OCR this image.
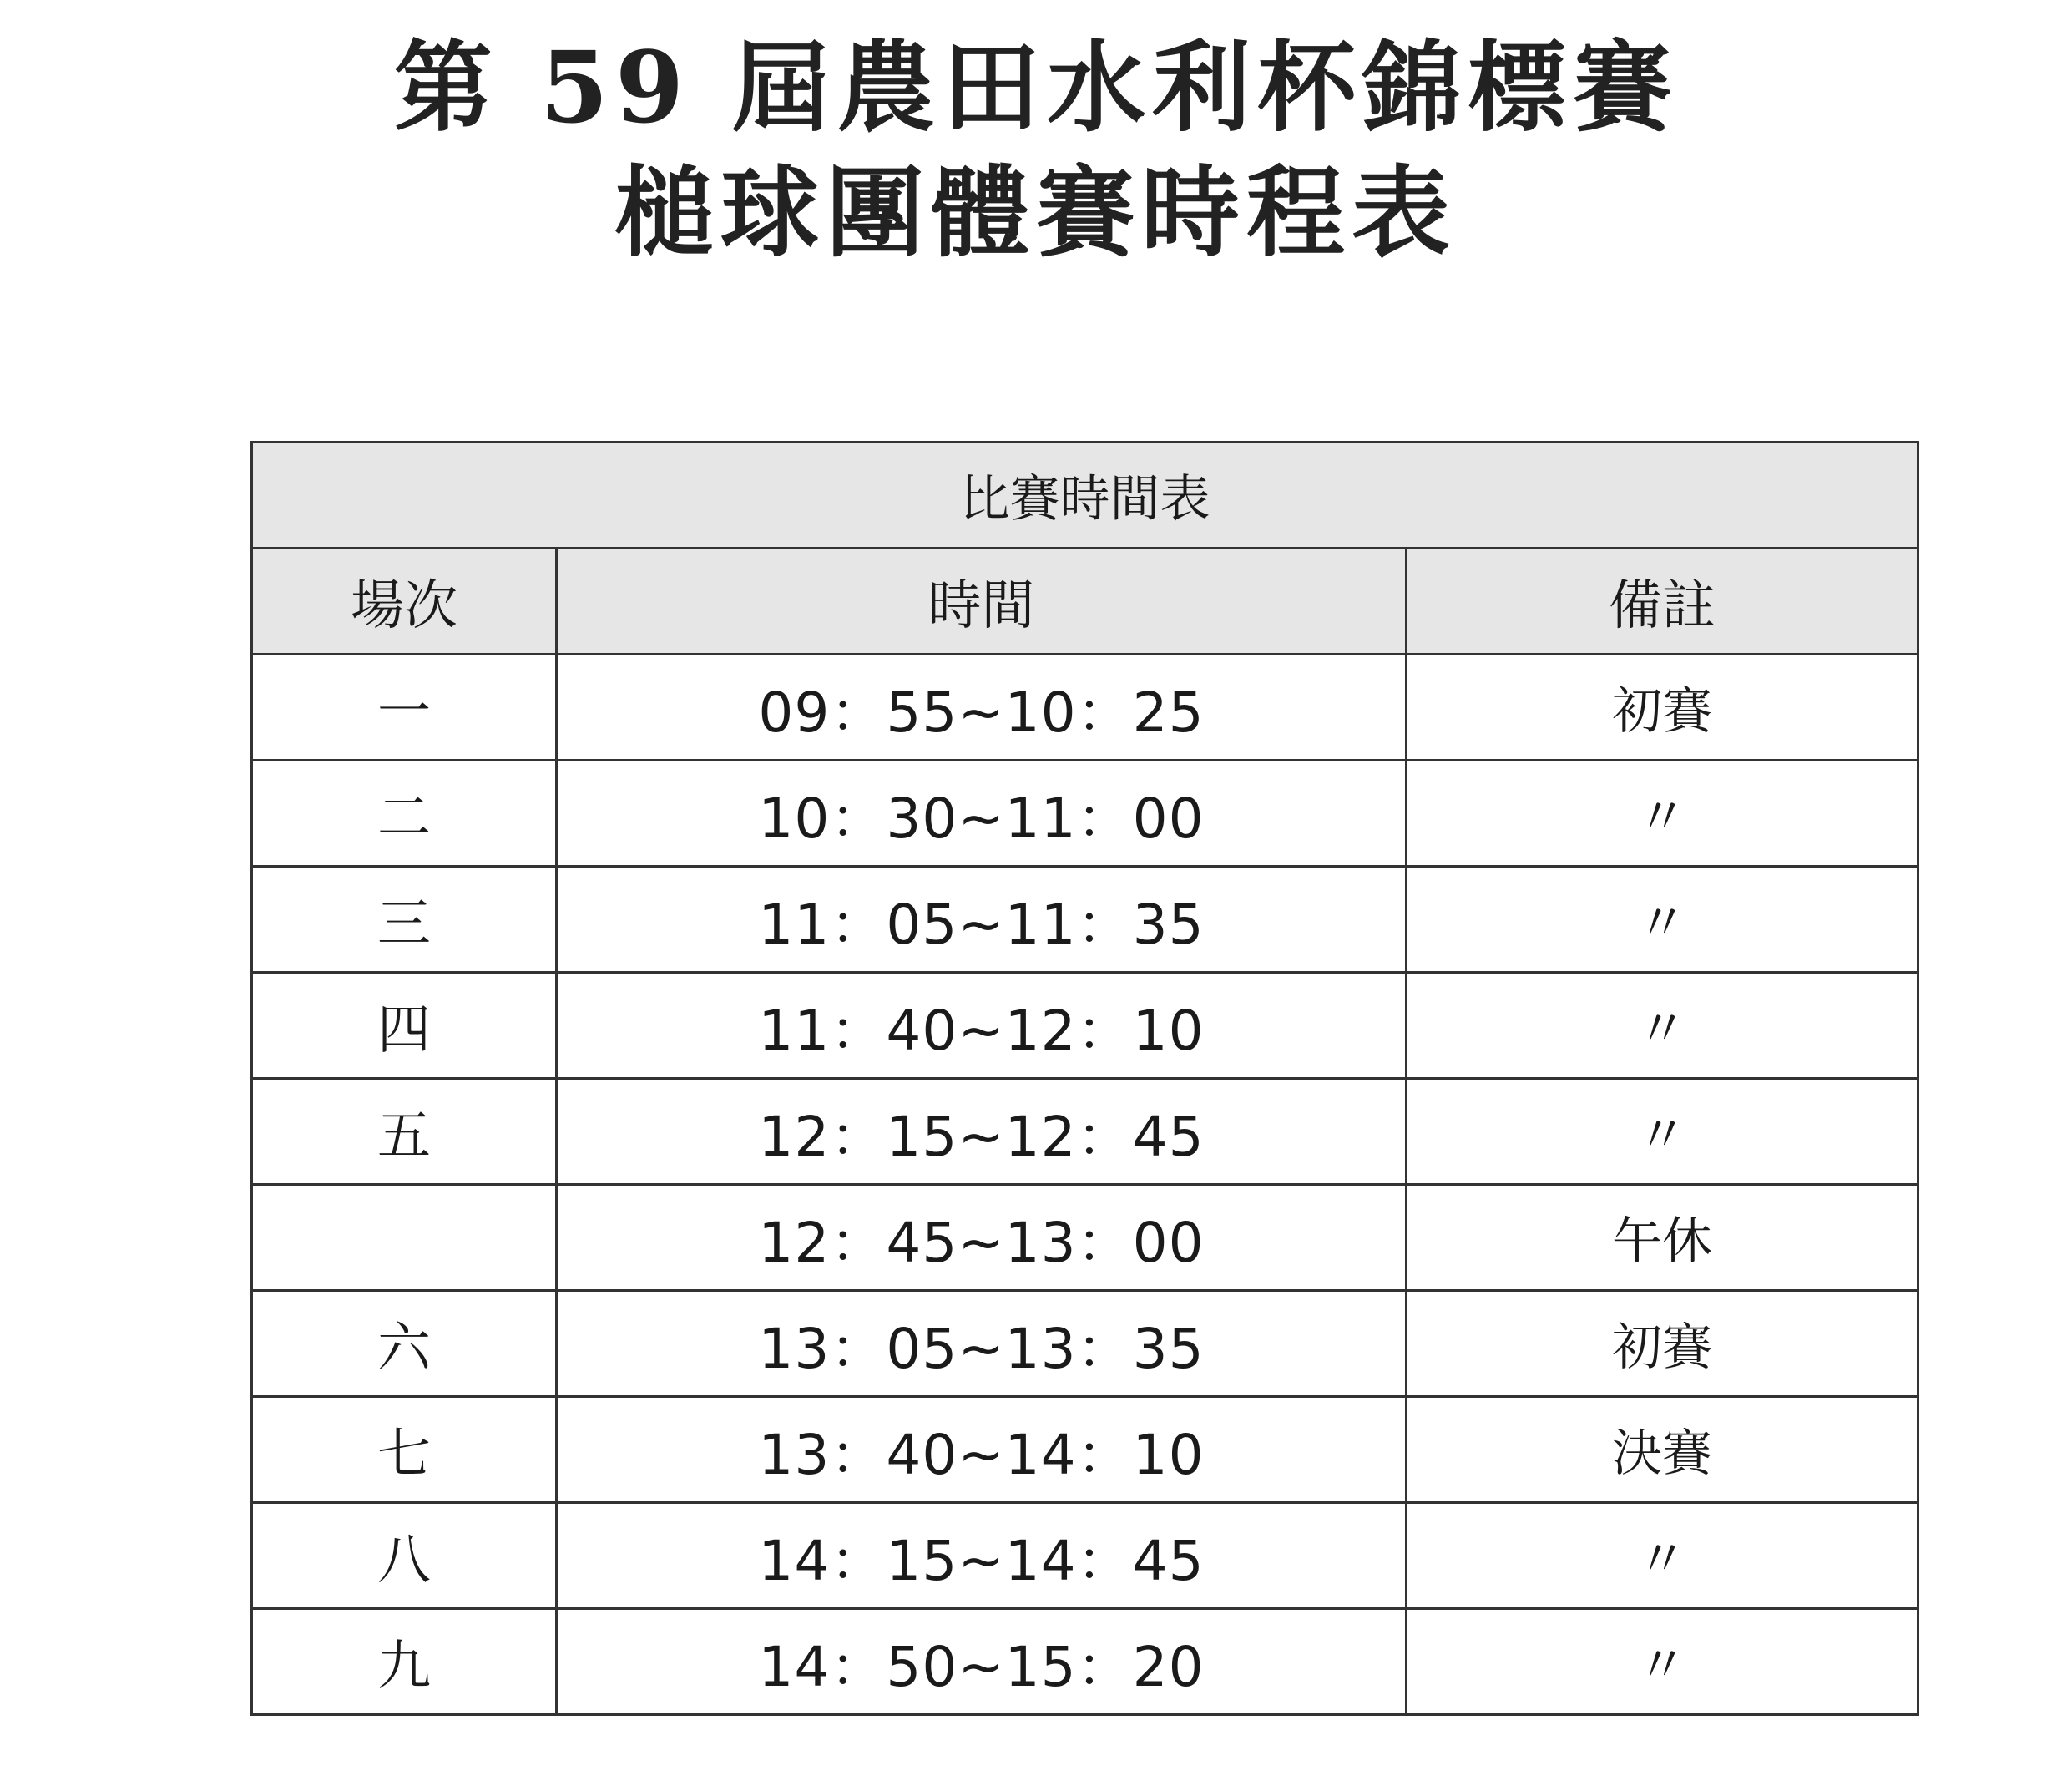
第 59 屆農田水利杯錦標賽
槌球團體賽時程表
比賽時間表		
場次	時間	備註
一	09：55~10：25	初賽
二	10：30~11：00	〃
三	11：05~11：35	〃
四	11：40~12：10	〃
五	12：15~12：45	〃
	12：45~13：00	午休
六	13：05~13：35	初賽
七	13：40~14：10	決賽
八	14：15~14：45	〃
九	14：50~15：20	〃
